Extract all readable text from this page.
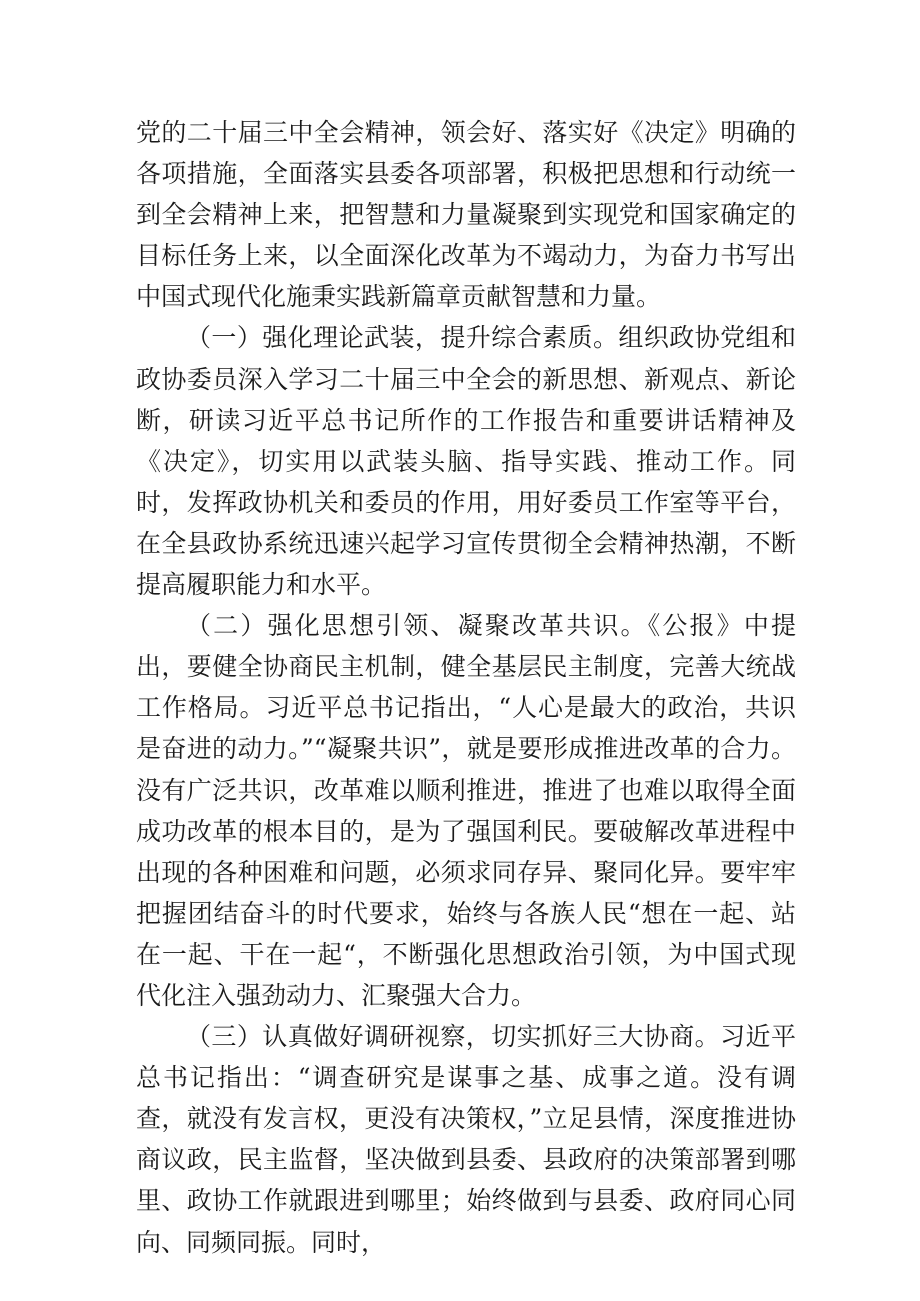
党的二十届三中全会精神，领会好、落实好《决定》明确的各项措施，全面落实县委各项部署，积极把思想和行动统一到全会精神上来，把智慧和力量凝聚到实现党和国家确定的目标任务上来，以全面深化改革为不竭动力，为奋力书写出中国式现代化施秉实践新篇章贡献智慧和力量。

（一）强化理论武装，提升综合素质。组织政协党组和政协委员深入学习二十届三中全会的新思想、新观点、新论断，研读习近平总书记所作的工作报告和重要讲话精神及《决定》，切实用以武装头脑、指导实践、推动工作。同时，发挥政协机关和委员的作用，用好委员工作室等平台，在全县政协系统迅速兴起学习宣传贯彻全会精神热潮，不断提高履职能力和水平。

（二）强化思想引领、凝聚改革共识。《公报》中提出，要健全协商民主机制，健全基层民主制度，完善大统战工作格局。习近平总书记指出，“人心是最大的政治，共识是奋进的动力。”“凝聚共识”，就是要形成推进改革的合力。没有广泛共识，改革难以顺利推进，推进了也难以取得全面成功改革的根本目的，是为了强国利民。要破解改革进程中出现的各种困难和问题，必须求同存异、聚同化异。要牢牢把握团结奋斗的时代要求，始终与各族人民“想在一起、站在一起、干在一起“，不断强化思想政治引领，为中国式现代化注入强劲动力、汇聚强大合力。

（三）认真做好调研视察，切实抓好三大协商。习近平总书记指出：“调查研究是谋事之基、成事之道。没有调查，就没有发言权，更没有决策权，”立足县情，深度推进协商议政，民主监督，坚决做到县委、县政府的决策部署到哪里、政协工作就跟进到哪里；始终做到与县委、政府同心同向、同频同振。同时，
